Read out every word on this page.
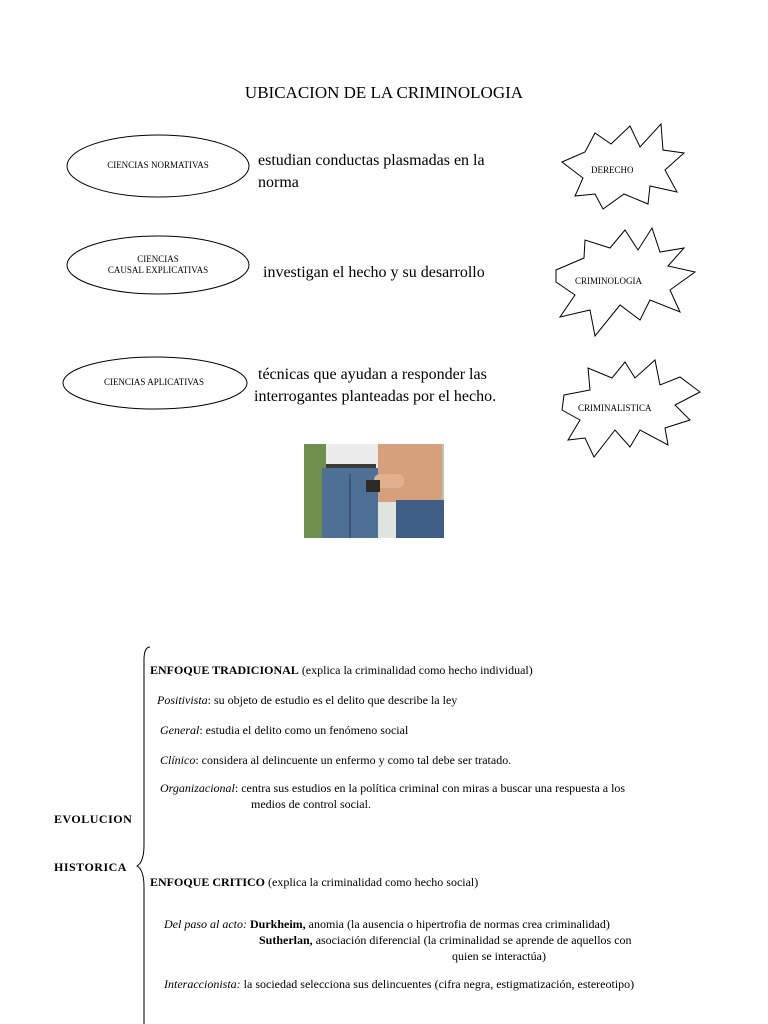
UBICACION DE LA CRIMINOLOGIA
CIENCIAS NORMATIVAS
CIENCIAS
CAUSAL EXPLICATIVAS
CIENCIAS APLICATIVAS
estudian conductas plasmadas en la norma
investigan el hecho y su desarrollo
técnicas que ayudan a responder las
interrogantes planteadas por el hecho.
DERECHO
CRIMINOLOGIA
CRIMINALISTICA
EVOLUCION
HISTORICA
ENFOQUE TRADICIONAL (explica la criminalidad como hecho individual)
Positivista: su objeto de estudio es el delito que describe la ley
General: estudia el delito como un fenómeno social
Clínico: considera al delincuente un enfermo y como tal debe ser tratado.
Organizacional: centra sus estudios en la política criminal con miras a buscar una respuesta a los
medios de control social.
ENFOQUE CRITICO (explica la criminalidad como hecho social)
Del paso al acto: Durkheim, anomia (la ausencia o hipertrofia de normas crea criminalidad)
Sutherlan, asociación diferencial (la criminalidad se aprende de aquellos con
quien se interactúa)
Interaccionista: la sociedad selecciona sus delincuentes (cifra negra, estigmatización, estereotipo)
